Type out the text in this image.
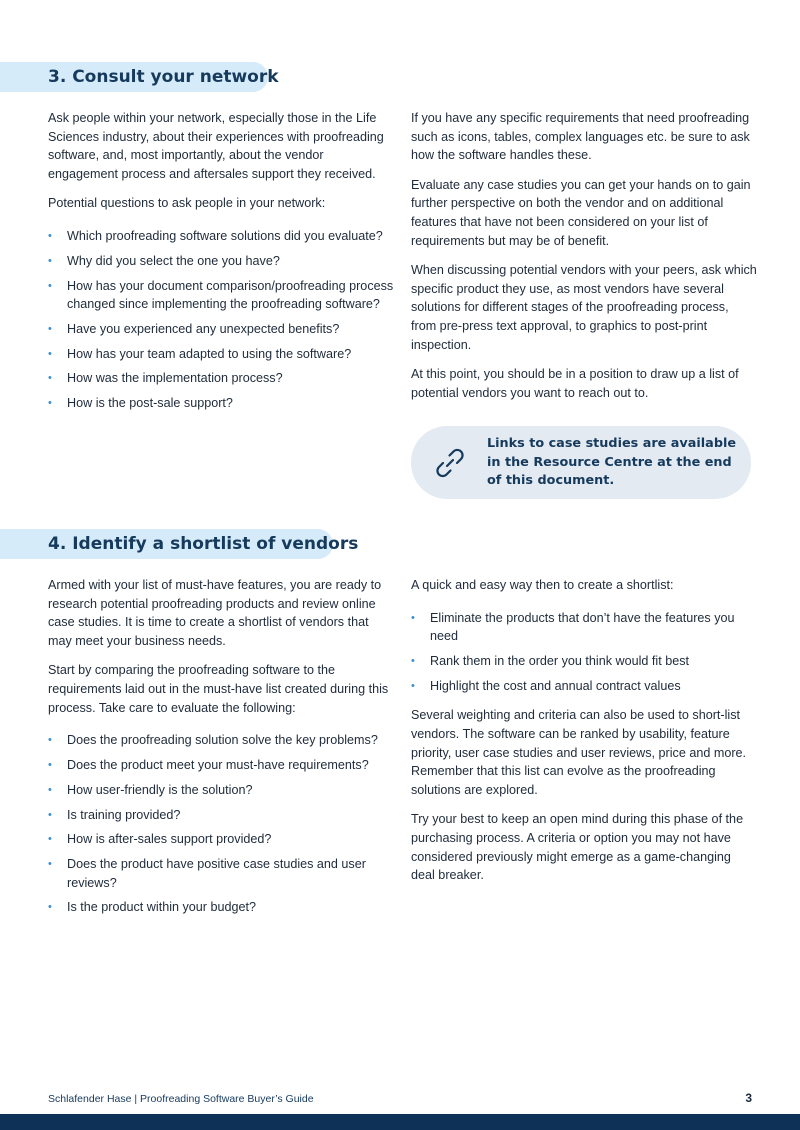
3. Consult your network

Ask people within your network, especially those in the Life Sciences industry, about their experiences with proofreading software, and, most importantly, about the vendor engagement process and aftersales support they received.

Potential questions to ask people in your network:

• Which proofreading software solutions did you evaluate?
• Why did you select the one you have?
• How has your document comparison/proofreading process changed since implementing the proofreading software?
• Have you experienced any unexpected benefits?
• How has your team adapted to using the software?
• How was the implementation process?
• How is the post-sale support?

If you have any specific requirements that need proofreading such as icons, tables, complex languages etc. be sure to ask how the software handles these.

Evaluate any case studies you can get your hands on to gain further perspective on both the vendor and on additional features that have not been considered on your list of requirements but may be of benefit.

When discussing potential vendors with your peers, ask which specific product they use, as most vendors have several solutions for different stages of the proofreading process, from pre-press text approval, to graphics to post-print inspection.

At this point, you should be in a position to draw up a list of potential vendors you want to reach out to.

Links to case studies are available in the Resource Centre at the end of this document.
4. Identify a shortlist of vendors

Armed with your list of must-have features, you are ready to research potential proofreading products and review online case studies. It is time to create a shortlist of vendors that may meet your business needs.

Start by comparing the proofreading software to the requirements laid out in the must-have list created during this process. Take care to evaluate the following:

• Does the proofreading solution solve the key problems?
• Does the product meet your must-have requirements?
• How user-friendly is the solution?
• Is training provided?
• How is after-sales support provided?
• Does the product have positive case studies and user reviews?
• Is the product within your budget?

A quick and easy way then to create a shortlist:

• Eliminate the products that don’t have the features you need
• Rank them in the order you think would fit best
• Highlight the cost and annual contract values

Several weighting and criteria can also be used to short-list vendors. The software can be ranked by usability, feature priority, user case studies and user reviews, price and more. Remember that this list can evolve as the proofreading solutions are explored.

Try your best to keep an open mind during this phase of the purchasing process. A criteria or option you may not have considered previously might emerge as a game-changing deal breaker.

Schlafender Hase | Proofreading Software Buyer’s Guide	3
